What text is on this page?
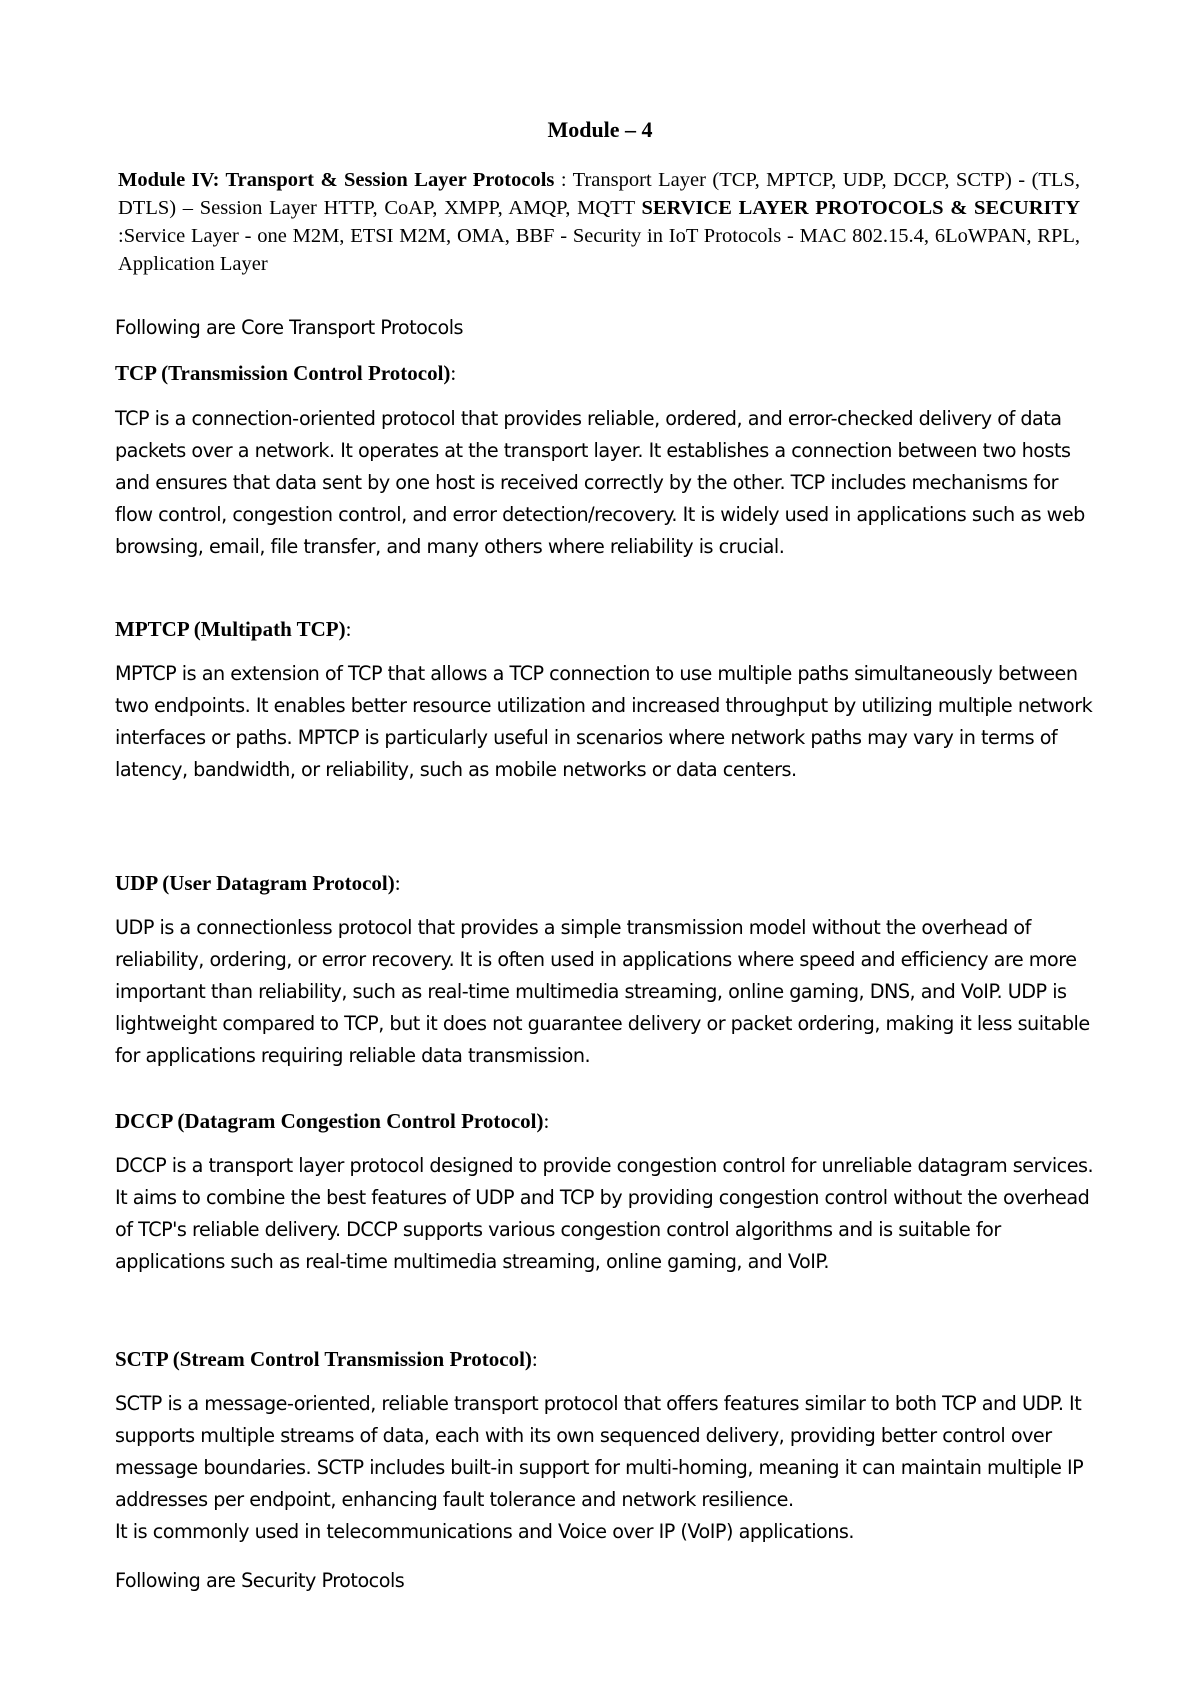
Module – 4

Module IV: Transport & Session Layer Protocols : Transport Layer (TCP, MPTCP, UDP, DCCP, SCTP) - (TLS, DTLS) – Session Layer HTTP, CoAP, XMPP, AMQP, MQTT SERVICE LAYER PROTOCOLS & SECURITY :Service Layer - one M2M, ETSI M2M, OMA, BBF - Security in IoT Protocols - MAC 802.15.4, 6LoWPAN, RPL, Application Layer

Following are Core Transport Protocols

TCP (Transmission Control Protocol):

TCP is a connection-oriented protocol that provides reliable, ordered, and error-checked delivery of data packets over a network. It operates at the transport layer. It establishes a connection between two hosts and ensures that data sent by one host is received correctly by the other. TCP includes mechanisms for flow control, congestion control, and error detection/recovery. It is widely used in applications such as web browsing, email, file transfer, and many others where reliability is crucial.

MPTCP (Multipath TCP):

MPTCP is an extension of TCP that allows a TCP connection to use multiple paths simultaneously between two endpoints. It enables better resource utilization and increased throughput by utilizing multiple network interfaces or paths. MPTCP is particularly useful in scenarios where network paths may vary in terms of latency, bandwidth, or reliability, such as mobile networks or data centers.

UDP (User Datagram Protocol):

UDP is a connectionless protocol that provides a simple transmission model without the overhead of reliability, ordering, or error recovery. It is often used in applications where speed and efficiency are more important than reliability, such as real-time multimedia streaming, online gaming, DNS, and VoIP. UDP is lightweight compared to TCP, but it does not guarantee delivery or packet ordering, making it less suitable for applications requiring reliable data transmission.

DCCP (Datagram Congestion Control Protocol):

DCCP is a transport layer protocol designed to provide congestion control for unreliable datagram services. It aims to combine the best features of UDP and TCP by providing congestion control without the overhead of TCP's reliable delivery. DCCP supports various congestion control algorithms and is suitable for applications such as real-time multimedia streaming, online gaming, and VoIP.

SCTP (Stream Control Transmission Protocol):

SCTP is a message-oriented, reliable transport protocol that offers features similar to both TCP and UDP. It supports multiple streams of data, each with its own sequenced delivery, providing better control over message boundaries. SCTP includes built-in support for multi-homing, meaning it can maintain multiple IP addresses per endpoint, enhancing fault tolerance and network resilience.

It is commonly used in telecommunications and Voice over IP (VoIP) applications.

Following are Security Protocols
